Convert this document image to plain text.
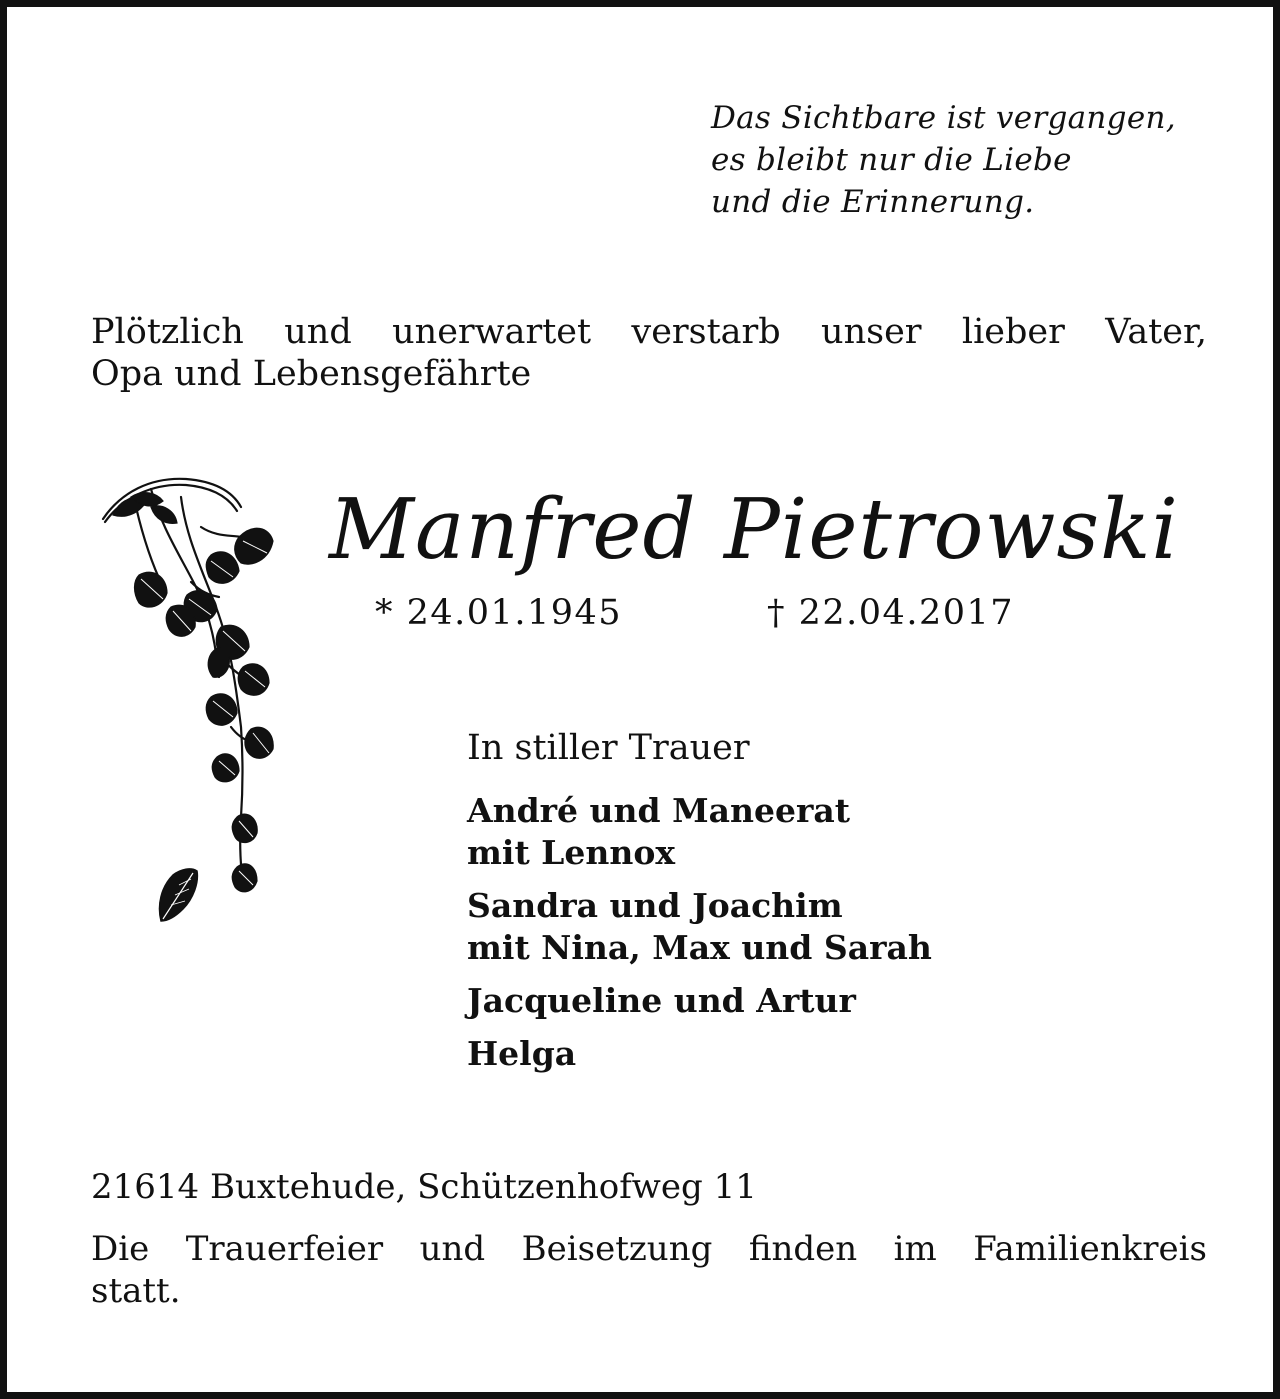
Das Sichtbare ist vergangen,
es bleibt nur die Liebe
und die Erinnerung.
Plötzlich und unerwartet verstarb unser lieber Vater,
Opa und Lebensgefährte
Manfred Pietrowski
* 24.01.1945	† 22.04.2017
In stiller Trauer
André und Maneerat
mit Lennox
Sandra und Joachim
mit Nina, Max und Sarah
Jacqueline und Artur
Helga
21614 Buxtehude, Schützenhofweg 11
Die Trauerfeier und Beisetzung finden im Familienkreis
statt.
